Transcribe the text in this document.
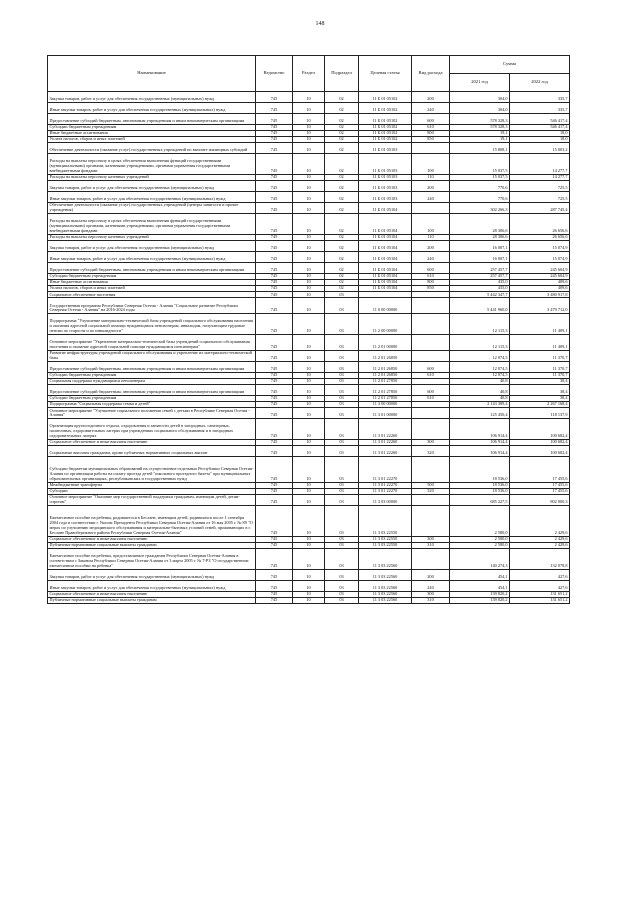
148
Наименование	Ведомство	Раздел	Подраздел	Целевая статья	Вид расхода	Сумма	
						2021 год	2022 год
Закупка товаров, работ и услуг для обеспечения государственных (муниципальных) нужд	745	10	02	11 Б 01 05102	200	304,0	335,7
Иные закупки товаров, работ и услуг для обеспечения государственных (муниципальных) нужд	745	10	02	11 Б 01 05102	240	304,0	335,7
Предоставление субсидий бюджетным, автономным учреждениям и иным некоммерческим организациям	745	10	02	11 Б 01 05102	600	578 328,3	546 417,4
Субсидии бюджетным учреждениям	745	10	02	11 Б 01 05102	610	578 328,3	546 417,4
Иные бюджетные ассигнования	745	10	02	11 Б 01 05102	800	19,1	18,0
Уплата налогов, сборов и иных платежей	745	10	02	11 Б 01 05102	850	19,1	18,0
Обеспечение деятельности (оказание услуг) государственных учреждений по выплате жилищных субсидий	745	10	02	11 Б 01 05103		15 808,1	15 003,2
Расходы на выплаты персоналу в целях обеспечения выполнения функций государственными (муниципальными) органами, казенными учреждениями, органами управления государственными внебюджетными фондами	745	10	02	11 Б 01 05103	100	15 037,5	14 277,7
Расходы на выплаты персоналу казенных учреждений	745	10	02	11 Б 01 05103	110	15 037,5	14 277,7
Закупка товаров, работ и услуг для обеспечения государственных (муниципальных) нужд	745	10	02	11 Б 01 05103	200	770,6	725,5
Иные закупки товаров, работ и услуг для обеспечения государственных (муниципальных) нужд	745	10	02	11 Б 01 05103	240	770,6	725,5
Обеспечение деятельности (оказание услуг) государственных учреждений (центры занятости и прочие учреждения)	745	10	02	11 Б 01 05104		302 266,3	287 745,4
Расходы на выплаты персоналу в целях обеспечения выполнения функций государственными (муниципальными) органами, казенными учреждениями, органами управления государственными внебюджетными фондами	745	10	02	11 Б 01 05104	100	28 306,6	26 656,6
Расходы на выплаты персоналу казенных учреждений	745	10	02	11 Б 01 05104	110	28 306,6	26 656,6
Закупка товаров, работ и услуг для обеспечения государственных (муниципальных) нужд	745	10	02	11 Б 01 05104	200	16 007,1	15 074,9
Иные закупки товаров, работ и услуг для обеспечения государственных (муниципальных) нужд	745	10	02	11 Б 01 05104	240	16 007,1	15 074,9
Предоставление субсидий бюджетным, автономным учреждениям и иным некоммерческим организациям	745	10	02	11 Б 01 05104	600	257 457,7	245 604,9
Субсидии бюджетным учреждениям	745	10	02	11 Б 01 05104	610	257 457,7	245 604,9
Иные бюджетные ассигнования	745	10	02	11 Б 01 05104	800	435,0	409,6
Уплата налогов, сборов и иных платежей	745	10	02	11 Б 01 05104	850	435,0	409,6
Социальное обеспечение населения	745	10	03			5 442 347,7	3 480 917,8
Государственная программа Республики Северная Осетия - Алания "Социальное развитие Республики Северная Осетия - Алания" на 2016-2024 годы	745	10	03	11 0 00 00000		5 441 960,0	3 479 712,0
Подпрограмма "Улучшение материально-технической базы учреждений социального обслуживания населения и оказания адресной социальной помощи нуждающимся пенсионерам, инвалидам, получающим трудовые пенсии по старости и по инвалидности"	745	10	03	11 2 00 00000		12 115,3	11 409,1
Основное мероприятие "Укрепление материально-технической базы учреждений социального обслуживания населения и оказание адресной социальной помощи нуждающимся пенсионерам"	745	10	03	11 2 01 00000		12 115,3	11 409,1
Развитие инфраструктуры учреждений социального обслуживания и укрепление их материально-технической базы	745	10	03	11 2 01 26850		12 074,5	11 370,7
Предоставление субсидий бюджетным, автономным учреждениям и иным некоммерческим организациям	745	10	03	11 2 01 26850	600	12 074,5	11 370,7
Субсидии бюджетным учреждениям	745	10	03	11 2 01 26850	610	12 074,5	11 370,7
Социальная поддержка нуждающимся пенсионерам	745	10	03	11 2 01 27850		40,8	38,4
Предоставление субсидий бюджетным, автономным учреждениям и иным некоммерческим организациям	745	10	03	11 2 01 27850	600	40,8	38,4
Субсидии бюджетным учреждениям	745	10	03	11 2 01 27850	610	40,8	38,4
Подпрограмма "Социальная поддержка семьи и детей"	745	10	03	11 3 00 00000		2 143 389,4	2 267 168,4
Основное мероприятие "Улучшение социального положения семей с детьми в Республике Северная Осетия - Алания"	745	10	03	11 3 01 00000		125 450,4	118 137,9
Организация круглогодичного отдыха, оздоровления и занятости детей в загородных, санаторных, палаточных, оздоровительных лагерях при учреждениях социального обслуживания и в загородных оздоровительных лагерях	745	10	03	11 3 01 22260		106 914,4	100 682,4
Социальное обеспечение и иные выплаты населению	745	10	03	11 3 01 22260	300	106 914,4	100 682,4
Социальные выплаты гражданам, кроме публичных нормативных социальных выплат	745	10	03	11 3 01 22260	320	106 914,4	100 682,4
Субсидии бюджетам муниципальных образований на осуществление отдельных Республики Северная Осетия-Алания по организации работы на оплату проезда детей "школьного проездного билета" при муниципальных образовательных организациях, республиканских и государственных нужд	745	10	03	11 3 01 22270		18 536,0	17 455,6
Межбюджетные трансферты	745	10	03	11 3 01 22270	500	18 536,0	17 455,6
Субсидии	745	10	03	11 3 01 22270	520	18 536,0	17 455,6
Основное мероприятие "Оказание мер государственной поддержки гражданам, имеющим детей, детям-сиротам"	745	10	03	11 3 03 00000		685 227,5	802 000,3
Ежемесячное пособие на ребенка, родившегося в Беслане, имеющим детей, родившихся после 1 сентября 2004 года в соответствии с Указом Президента Республики Северная Осетия-Алания от 16 мая 2005 г. № 89 "О мерах по улучшению медицинского обслуживания и материально-бытовых условий семей, проживающих в г. Беслане Правобережного района Республики Северная Осетия-Алания"	745	10	03	11 3 03 22550		2 580,0	2 429,6
Социальное обеспечение и иные выплаты населению	745	10	03	11 3 03 22550	300	2 580,0	2 429,6
Публичные нормативные социальные выплаты гражданам	745	10	03	11 3 03 22550	310	2 580,0	2 429,6
Ежемесячное пособие на ребенка, предоставляемое гражданам Республики Северная Осетия-Алания в соответствии с Законом Республики Северная Осетия-Алания от 3 марта 2005 г. № 7-РЗ "О государственном ежемесячном пособии на ребенка"	745	10	03	11 3 03 22560		140 274,3	132 078,8
Закупка товаров, работ и услуг для обеспечения государственных (муниципальных) нужд	745	10	03	11 3 03 22560	200	454,1	427,6
Иные закупки товаров, работ и услуг для обеспечения государственных (муниципальных) нужд	745	10	03	11 3 03 22560	240	454,1	427,6
Социальное обеспечение и иные выплаты населению	745	10	03	11 3 03 22560	300	139 820,2	131 651,2
Публичные нормативные социальные выплаты гражданам	745	10	03	11 3 03 22560	310	139 820,2	131 651,2
